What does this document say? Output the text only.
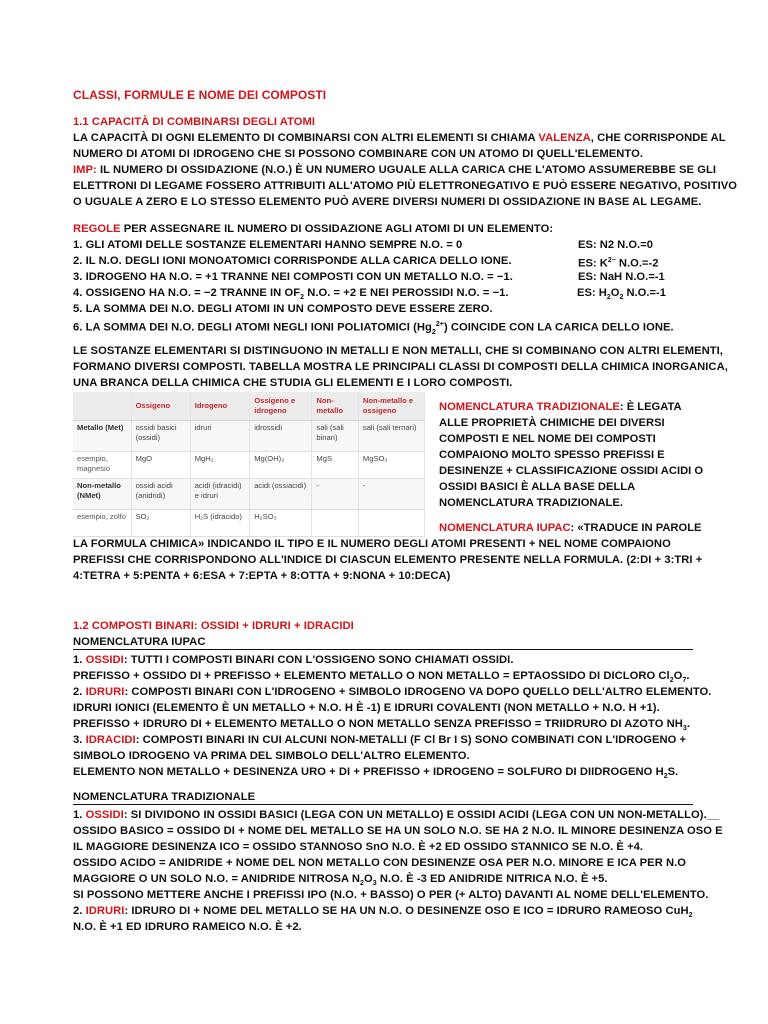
CLASSI, FORMULE E NOME DEI COMPOSTI
1.1 CAPACITÀ DI COMBINARSI DEGLI ATOMI
LA CAPACITÀ DI OGNI ELEMENTO DI COMBINARSI CON ALTRI ELEMENTI SI CHIAMA VALENZA, CHE CORRISPONDE AL
NUMERO DI ATOMI DI IDROGENO CHE SI POSSONO COMBINARE CON UN ATOMO DI QUELL'ELEMENTO.
IMP: IL NUMERO DI OSSIDAZIONE (N.O.) È UN NUMERO UGUALE ALLA CARICA CHE L'ATOMO ASSUMEREBBE SE GLI
ELETTRONI DI LEGAME FOSSERO ATTRIBUITI ALL'ATOMO PIÙ ELETTRONEGATIVO E PUÒ ESSERE NEGATIVO, POSITIVO
O UGUALE A ZERO E LO STESSO ELEMENTO PUÒ AVERE DIVERSI NUMERI DI OSSIDAZIONE IN BASE AL LEGAME.
REGOLE PER ASSEGNARE IL NUMERO DI OSSIDAZIONE AGLI ATOMI DI UN ELEMENTO:
1. GLI ATOMI DELLE SOSTANZE ELEMENTARI HANNO SEMPRE N.O. = 0	ES: N2 N.O.=0
2. IL N.O. DEGLI IONI MONOATOMICI CORRISPONDE ALLA CARICA DELLO IONE.	ES: $K^{2-}$ N.O.=-2
3. IDROGENO HA N.O. = +1 TRANNE NEI COMPOSTI CON UN METALLO N.O. = −1.	ES: NaH N.O.=-1
4. OSSIGENO HA N.O. = −2 TRANNE IN $OF_2$ N.O. = +2 E NEI PEROSSIDI N.O. = −1.	ES: $H_2O_2$ N.O.=-1
5. LA SOMMA DEI N.O. DEGLI ATOMI IN UN COMPOSTO DEVE ESSERE ZERO.
6. LA SOMMA DEI N.O. DEGLI ATOMI NEGLI IONI POLIATOMICI $(Hg_2^{2+})$ COINCIDE CON LA CARICA DELLO IONE.
LE SOSTANZE ELEMENTARI SI DISTINGUONO IN METALLI E NON METALLI, CHE SI COMBINANO CON ALTRI ELEMENTI,
FORMANO DIVERSI COMPOSTI. TABELLA MOSTRA LE PRINCIPALI CLASSI DI COMPOSTI DELLA CHIMICA INORGANICA,
UNA BRANCA DELLA CHIMICA CHE STUDIA GLI ELEMENTI E I LORO COMPOSTI.
	Ossigeno	Idrogeno	Ossigeno e idrogeno	Non-metallo	Non-metallo e ossigeno
Metallo (Met)	ossidi basici (ossidi)	idruri	idrossidi	sali (sali binari)	sali (sali ternari)
esempio, magnesio	MgO	MgH₂	Mg(OH)₂	MgS	MgSO₃
Non-metallo (NMet)	ossidi acidi (anidridi)	acidi (idracidi) e idruri	acidi (ossiacidi)	-	-
esempio, zolfo	SO₂	H₂S (idracido)	H₂SO₃		
NOMENCLATURA TRADIZIONALE: È LEGATA
ALLE PROPRIETÀ CHIMICHE DEI DIVERSI
COMPOSTI E NEL NOME DEI COMPOSTI
COMPAIONO MOLTO SPESSO PREFISSI E
DESINENZE + CLASSIFICAZIONE OSSIDI ACIDI O
OSSIDI BASICI È ALLA BASE DELLA
NOMENCLATURA TRADIZIONALE.
NOMENCLATURA IUPAC: «TRADUCE IN PAROLE
LA FORMULA CHIMICA» INDICANDO IL TIPO E IL NUMERO DEGLI ATOMI PRESENTI + NEL NOME COMPAIONO
PREFISSI CHE CORRISPONDONO ALL'INDICE DI CIASCUN ELEMENTO PRESENTE NELLA FORMULA. (2:DI + 3:TRI +
4:TETRA + 5:PENTA + 6:ESA + 7:EPTA + 8:OTTA + 9:NONA + 10:DECA)
1.2 COMPOSTI BINARI: OSSIDI + IDRURI + IDRACIDI
NOMENCLATURA IUPAC
1. OSSIDI: TUTTI I COMPOSTI BINARI CON L'OSSIGENO SONO CHIAMATI OSSIDI.
PREFISSO + OSSIDO DI + PREFISSO + ELEMENTO METALLO O NON METALLO = EPTAOSSIDO DI DICLORO $Cl_2O_7$.
2. IDRURI: COMPOSTI BINARI CON L'IDROGENO + SIMBOLO IDROGENO VA DOPO QUELLO DELL'ALTRO ELEMENTO.
IDRURI IONICI (ELEMENTO È UN METALLO + N.O. H È -1) E IDRURI COVALENTI (NON METALLO + N.O. H +1).
PREFISSO + IDRURO DI + ELEMENTO METALLO O NON METALLO SENZA PREFISSO = TRIIDRURO DI AZOTO $NH_3$.
3. IDRACIDI: COMPOSTI BINARI IN CUI ALCUNI NON-METALLI (F Cl Br I S) SONO COMBINATI CON L'IDROGENO +
SIMBOLO IDROGENO VA PRIMA DEL SIMBOLO DELL'ALTRO ELEMENTO.
ELEMENTO NON METALLO + DESINENZA URO + DI + PREFISSO + IDROGENO = SOLFURO DI DIIDROGENO $H_2S$.
NOMENCLATURA TRADIZIONALE
1. OSSIDI: SI DIVIDONO IN OSSIDI BASICI (LEGA CON UN METALLO) E OSSIDI ACIDI (LEGA CON UN NON-METALLO).__
OSSIDO BASICO = OSSIDO DI + NOME DEL METALLO SE HA UN SOLO N.O. SE HA 2 N.O. IL MINORE DESINENZA OSO E
IL MAGGIORE DESINENZA ICO = OSSIDO STANNOSO SnO N.O. È +2 ED OSSIDO STANNICO SE N.O. È +4.
OSSIDO ACIDO = ANIDRIDE + NOME DEL NON METALLO CON DESINENZE OSA PER N.O. MINORE E ICA PER N.O
MAGGIORE O UN SOLO N.O. = ANIDRIDE NITROSA $N_2O_3$ N.O. È -3 ED ANIDRIDE NITRICA N.O. È +5.
SI POSSONO METTERE ANCHE I PREFISSI IPO (N.O. + BASSO) O PER (+ ALTO) DAVANTI AL NOME DELL'ELEMENTO.
2. IDRURI: IDRURO DI + NOME DEL METALLO SE HA UN N.O. O DESINENZE OSO E ICO = IDRURO RAMEOSO CuH$_2$
N.O. È +1 ED IDRURO RAMEICO N.O. È +2.
